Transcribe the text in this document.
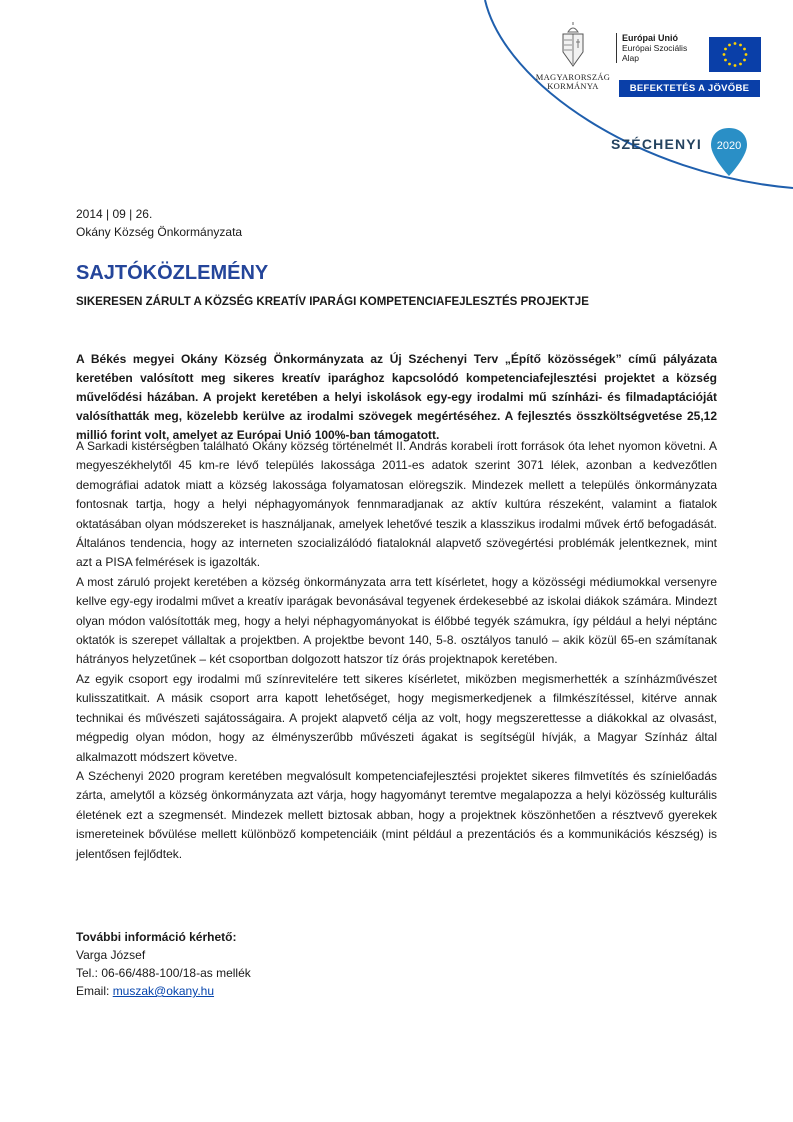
MAGYARORSZÁG
KORMÁNYA
Európai Unió
Európai Szociális
Alap
BEFEKTETÉS A JÖVŐBE
SZÉCHENYI 2020
2014 | 09 | 26.
Okány Község Önkormányzata
SAJTÓKÖZLEMÉNY
SIKERESEN ZÁRULT A KÖZSÉG KREATÍV IPARÁGI KOMPETENCIAFEJLESZTÉS PROJEKTJE

A Békés megyei Okány Község Önkormányzata az Új Széchenyi Terv „Építő közösségek” című pályázata keretében valósított meg sikeres kreatív iparághoz kapcsolódó kompetenciafejlesztési projektet a község művelődési házában. A projekt keretében a helyi iskolások egy-egy irodalmi mű színházi- és filmadaptációját valósíthatták meg, közelebb kerülve az irodalmi szövegek megértéséhez. A fejlesztés összköltségvetése 25,12 millió forint volt, amelyet az Európai Unió 100%-ban támogatott.

A Sarkadi kistérségben található Okány község történelmét II. András korabeli írott források óta lehet nyomon követni. A megyeszékhelytől 45 km-re lévő település lakossága 2011-es adatok szerint 3071 lélek, azonban a kedvezőtlen demográfiai adatok miatt a község lakossága folyamatosan elöregszik. Mindezek mellett a település önkormányzata fontosnak tartja, hogy a helyi néphagyományok fennmaradjanak az aktív kultúra részeként, valamint a fiatalok oktatásában olyan módszereket is használjanak, amelyek lehetővé teszik a klasszikus irodalmi művek értő befogadását. Általános tendencia, hogy az interneten szocializálódó fiataloknál alapvető szövegértési problémák jelentkeznek, mint azt a PISA felmérések is igazolták.

A most záruló projekt keretében a község önkormányzata arra tett kísérletet, hogy a közösségi médiumokkal versenyre kellve egy-egy irodalmi művet a kreatív iparágak bevonásával tegyenek érdekesebbé az iskolai diákok számára. Mindezt olyan módon valósították meg, hogy a helyi néphagyományokat is élőbbé tegyék számukra, így például a helyi néptánc oktatók is szerepet vállaltak a projektben. A projektbe bevont 140, 5-8. osztályos tanuló – akik közül 65-en számítanak hátrányos helyzetűnek – két csoportban dolgozott hatszor tíz órás projektnapok keretében.

Az egyik csoport egy irodalmi mű színrevitelére tett sikeres kísérletet, miközben megismerhették a színházművészet kulisszatitkait. A másik csoport arra kapott lehetőséget, hogy megismerkedjenek a filmkészítéssel, kitérve annak technikai és művészeti sajátosságaira. A projekt alapvető célja az volt, hogy megszerettesse a diákokkal az olvasást, mégpedig olyan módon, hogy az élményszerűbb művészeti ágakat is segítségül hívják, a Magyar Színház által alkalmazott módszert követve.

A Széchenyi 2020 program keretében megvalósult kompetenciafejlesztési projektet sikeres filmvetítés és színielőadás zárta, amelytől a község önkormányzata azt várja, hogy hagyományt teremtve megalapozza a helyi közösség kulturális életének ezt a szegmensét. Mindezek mellett biztosak abban, hogy a projektnek köszönhetően a résztvevő gyerekek ismereteinek bővülése mellett különböző kompetenciáik (mint például a prezentációs és a kommunikációs készség) is jelentősen fejlődtek.

További információ kérhető:
Varga József
Tel.: 06-66/488-100/18-as mellék
Email: muszak@okany.hu
